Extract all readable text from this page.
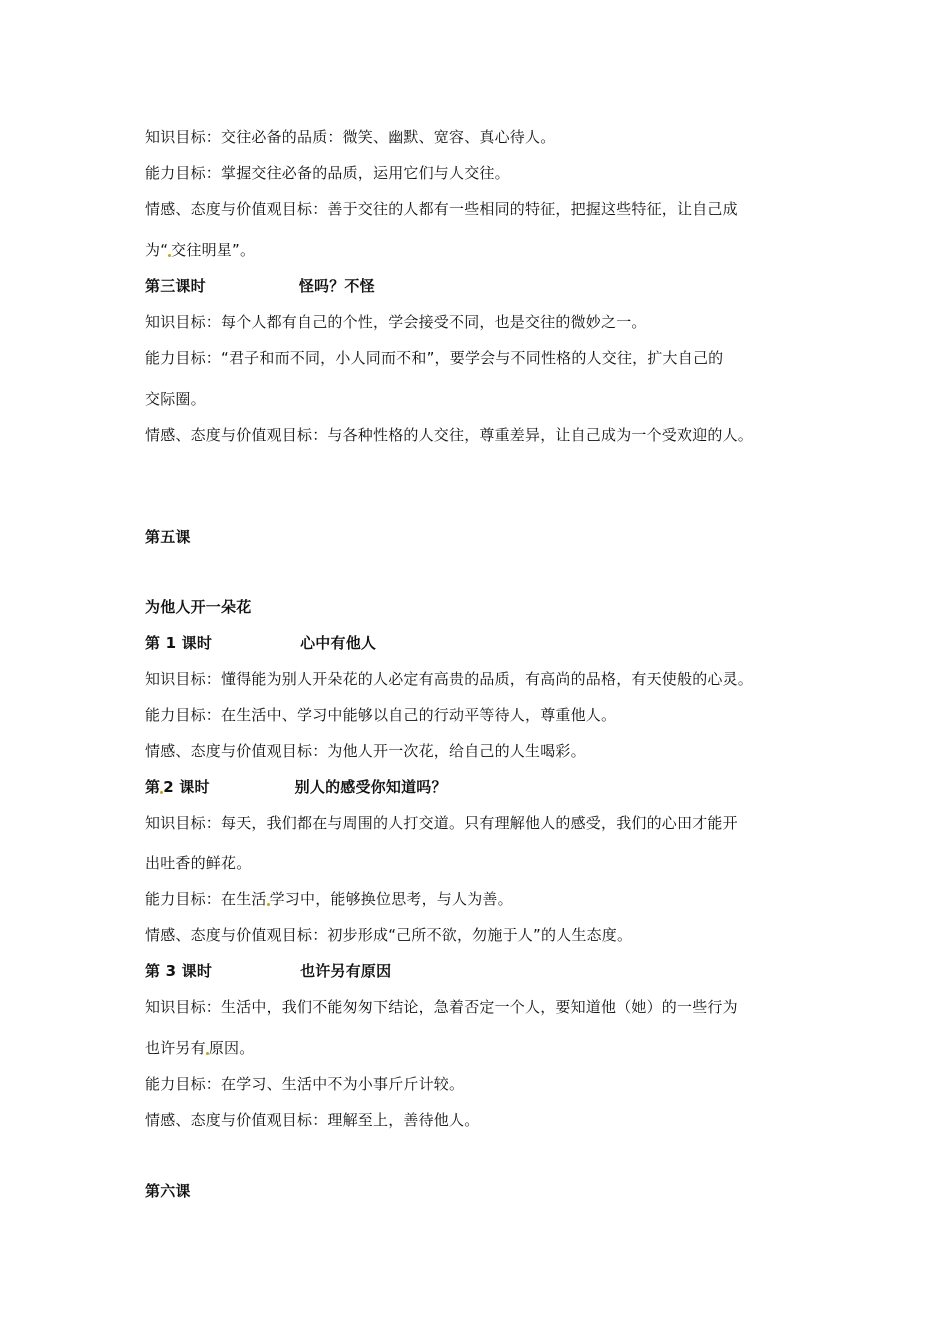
知识目标：交往必备的品质：微笑、幽默、宽容、真心待人。
能力目标：掌握交往必备的品质，运用它们与人交往。
情感、态度与价值观目标：善于交往的人都有一些相同的特征，把握这些特征，让自己成
为“ 交往明星”。
第三课时	怪吗？不怪
知识目标：每个人都有自己的个性，学会接受不同，也是交往的微妙之一。
能力目标：“君子和而不同，小人同而不和”，要学会与不同性格的人交往，扩大自己的
交际圈。
情感、态度与价值观目标：与各种性格的人交往，尊重差异，让自己成为一个受欢迎的人。
第五课
为他人开一朵花
第 1 课时	心中有他人
知识目标：懂得能为别人开朵花的人必定有高贵的品质，有高尚的品格，有天使般的心灵。
能力目标：在生活中、学习中能够以自己的行动平等待人，尊重他人。
情感、态度与价值观目标：为他人开一次花，给自己的人生喝彩。
第 2 课时	别人的感受你知道吗？
知识目标：每天，我们都在与周围的人打交道。只有理解他人的感受，我们的心田才能开
出吐香的鲜花。
能力目标：在生活 学习中，能够换位思考，与人为善。
情感、态度与价值观目标：初步形成“己所不欲，勿施于人”的人生态度。
第 3 课时	也许另有原因
知识目标：生活中，我们不能匆匆下结论，急着否定一个人，要知道他（她）的一些行为
也许另有 原因。
能力目标：在学习、生活中不为小事斤斤计较。
情感、态度与价值观目标：理解至上，善待他人。
第六课
